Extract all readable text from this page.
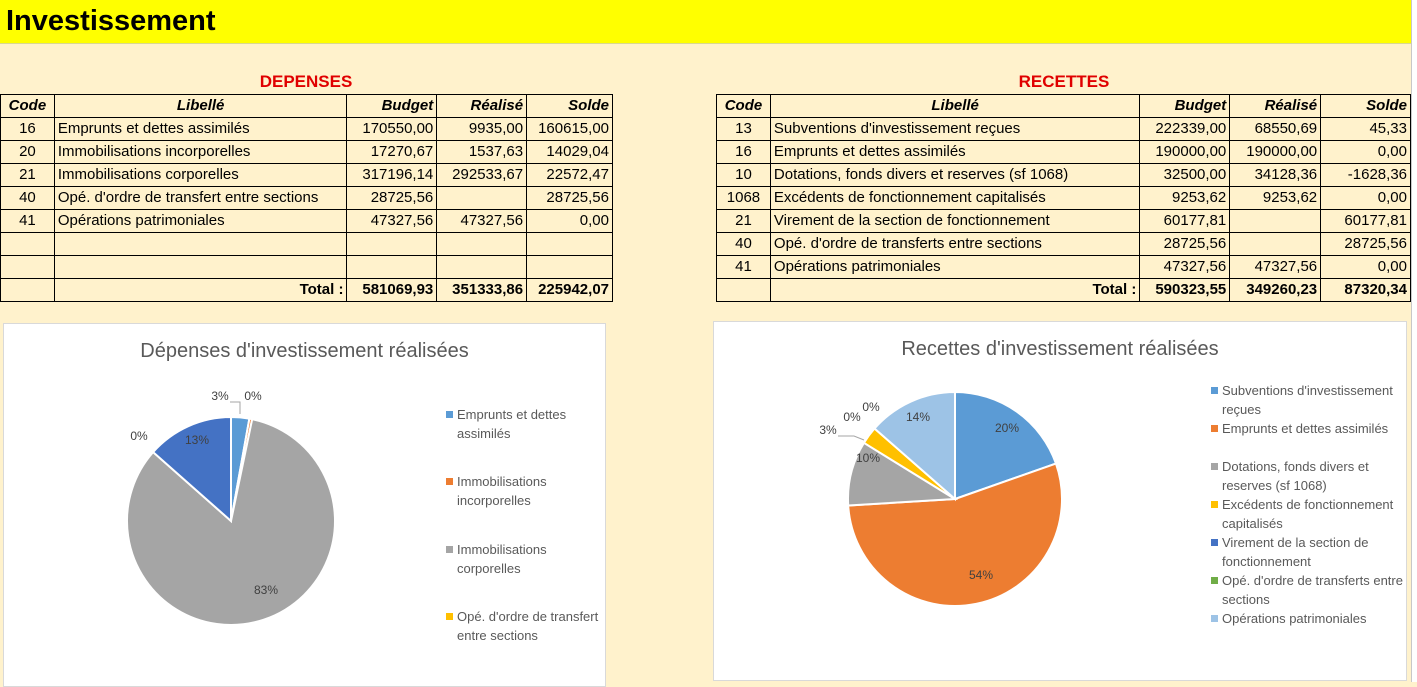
Investissement
DEPENSES
Code	Libellé	Budget	Réalisé	Solde
16	Emprunts et dettes assimilés	170550,00	9935,00	160615,00
20	Immobilisations incorporelles	17270,67	1537,63	14029,04
21	Immobilisations corporelles	317196,14	292533,67	22572,47
40	Opé. d'ordre de transfert entre sections	28725,56		28725,56
41	Opérations patrimoniales	47327,56	47327,56	0,00

	Total :	581069,93	351333,86	225942,07
RECETTES
Code	Libellé	Budget	Réalisé	Solde
13	Subventions d'investissement reçues	222339,00	68550,69	45,33
16	Emprunts et dettes assimilés	190000,00	190000,00	0,00
10	Dotations, fonds divers et reserves (sf 1068)	32500,00	34128,36	-1628,36
1068	Excédents de fonctionnement capitalisés	9253,62	9253,62	0,00
21	Virement de la section de fonctionnement	60177,81		60177,81
40	Opé. d'ordre de transferts entre sections	28725,56		28725,56
41	Opérations patrimoniales	47327,56	47327,56	0,00
	Total :	590323,55	349260,23	87320,34
Dépenses d'investissement réalisées
3% 0%
83%
0%	13%
Emprunts et dettes assimilés
Immobilisations incorporelles
Immobilisations corporelles
Opé. d'ordre de transfert entre sections
Recettes d'investissement réalisées
20%
54%
10%
3%
0%
0%
14%
Subventions d'investissement reçues
Emprunts et dettes assimilés
Dotations, fonds divers et reserves (sf 1068)
Excédents de fonctionnement capitalisés
Virement de la section de fonctionnement
Opé. d'ordre de transferts entre sections
Opérations patrimoniales
